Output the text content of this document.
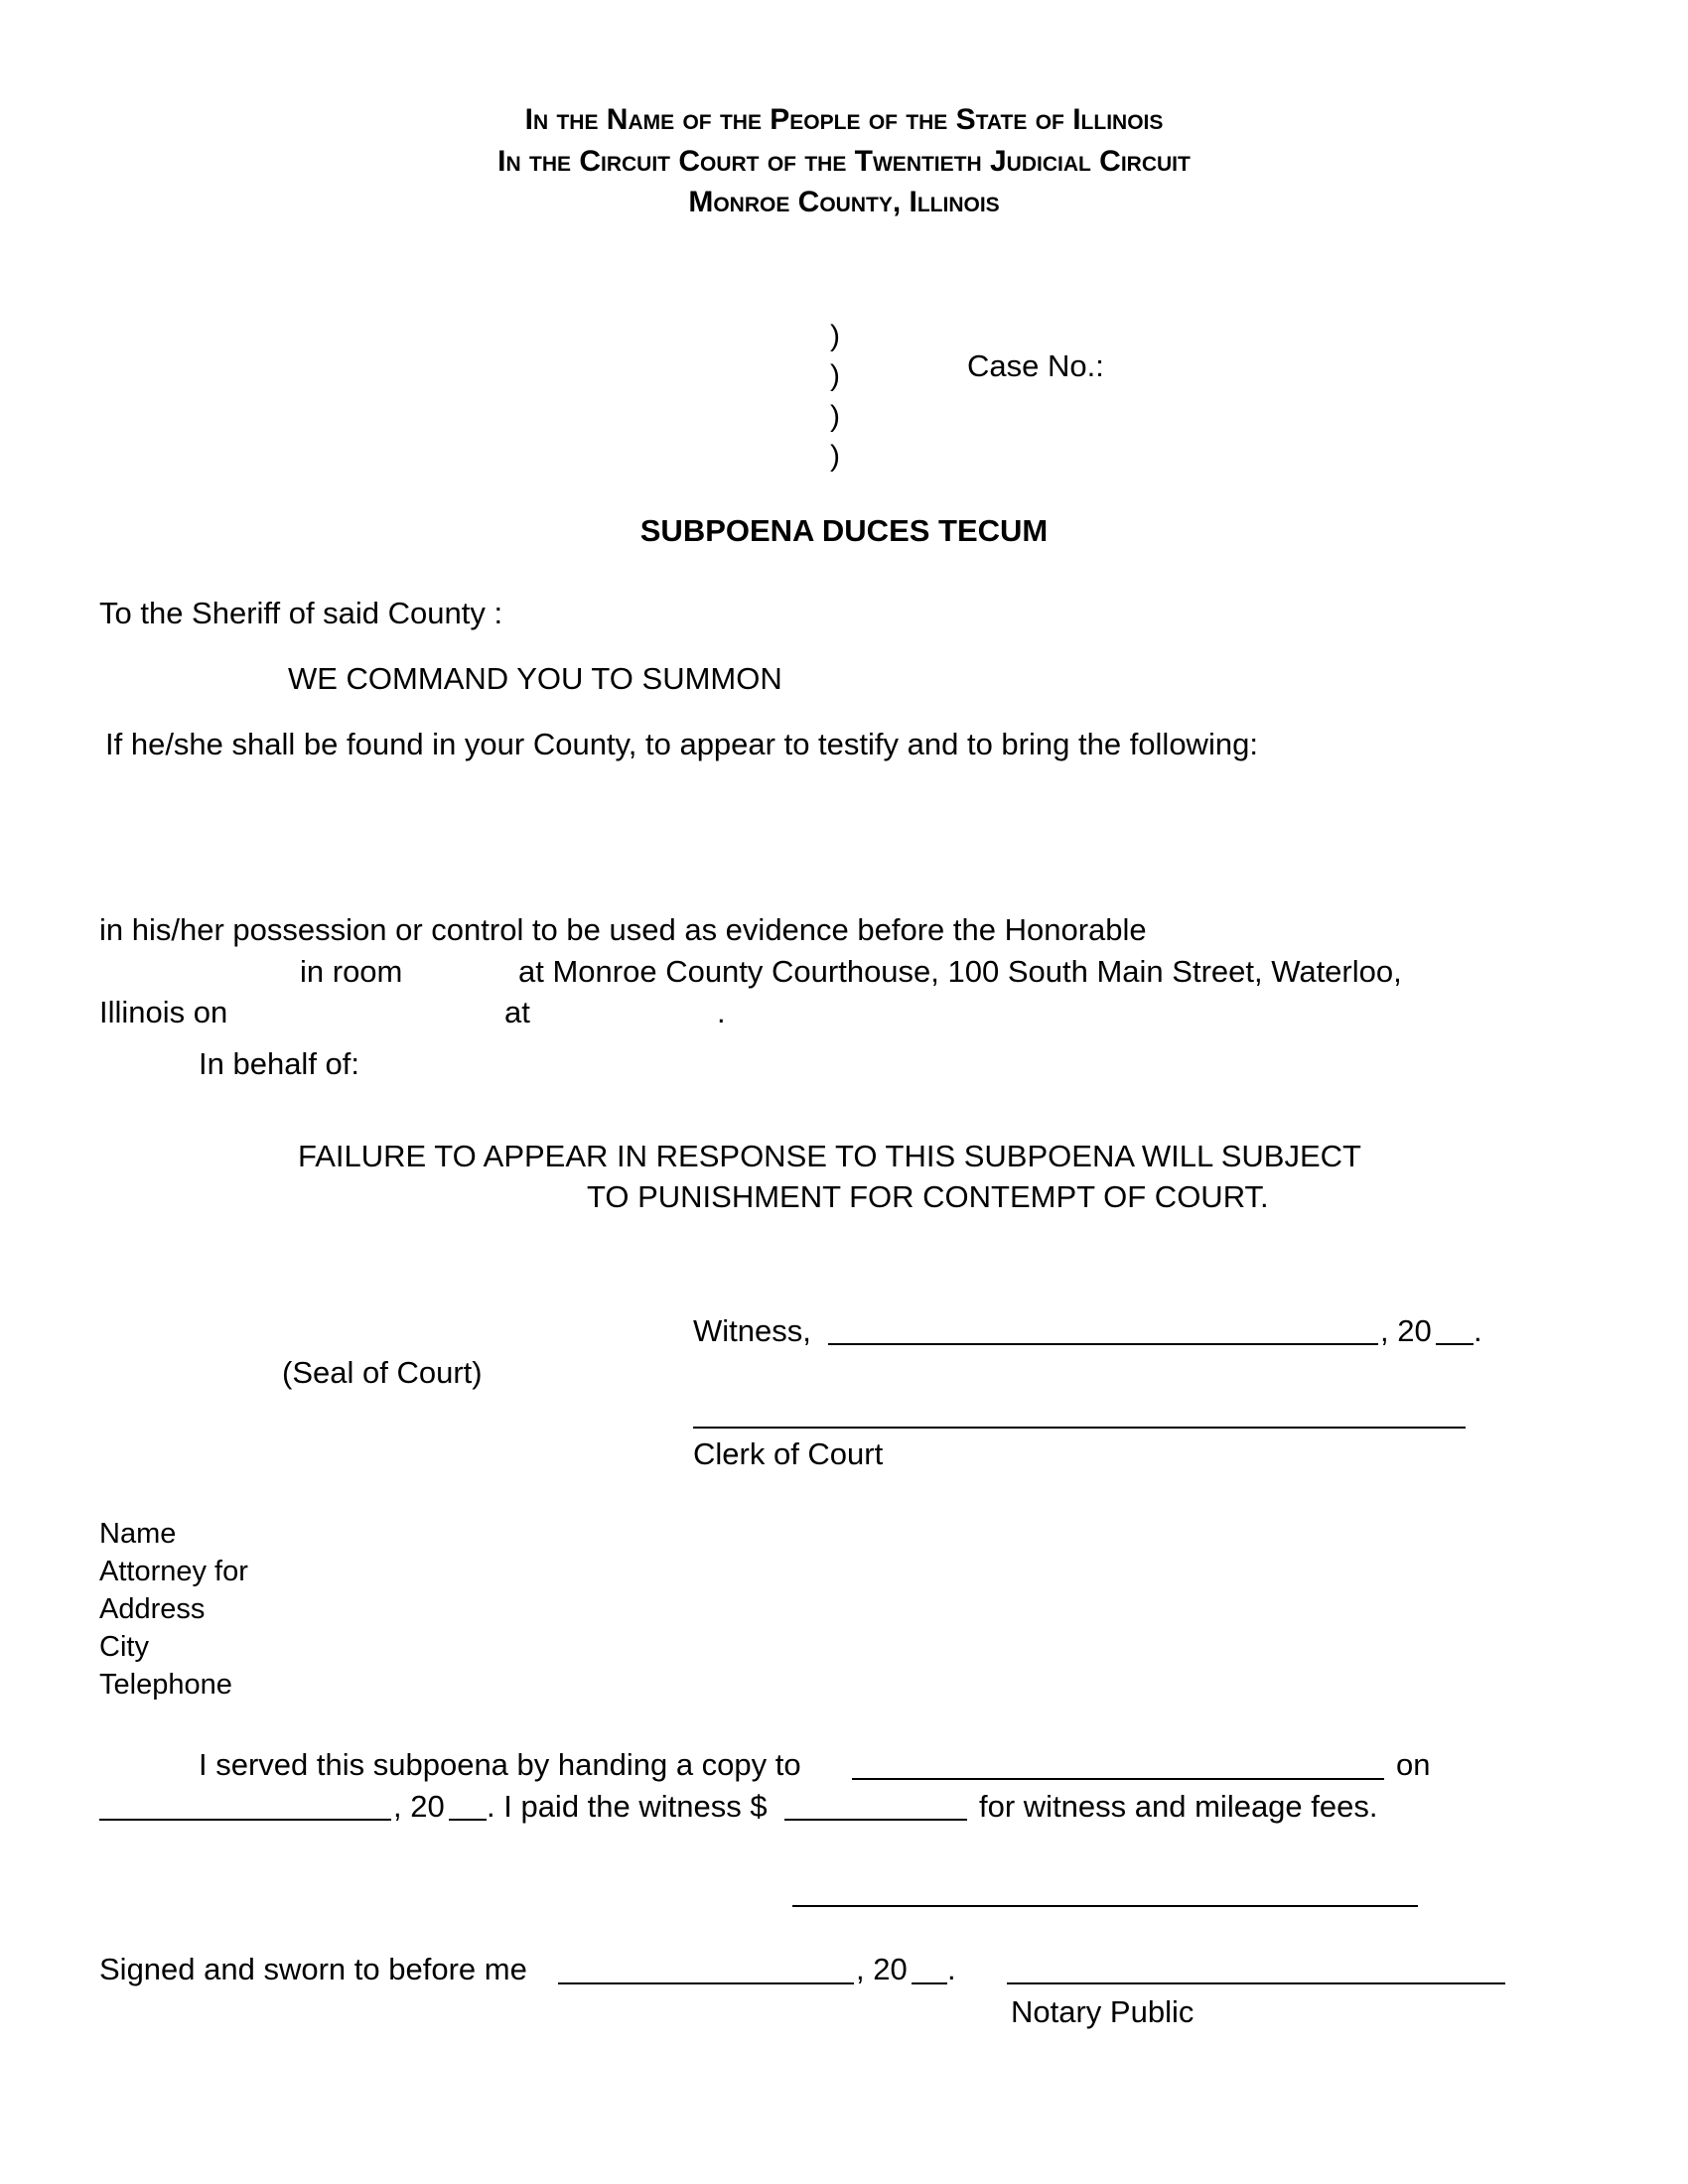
In the Name of the People of the State of Illinois
In the Circuit Court of the Twentieth Judicial Circuit
Monroe County, Illinois
)
)
)
)
Case No.:
SUBPOENA DUCES TECUM
To the Sheriff of said County :
WE COMMAND YOU TO SUMMON
If he/she shall be found in your County, to appear to testify and to bring the following:
in his/her possession or control to be used as evidence before the Honorable
in room	at Monroe County Courthouse, 100 South Main Street, Waterloo,
Illinois on	at	.
In behalf of:
FAILURE TO APPEAR IN RESPONSE TO THIS SUBPOENA WILL SUBJECT
TO PUNISHMENT FOR CONTEMPT OF COURT.
Witness,	, 20 .
(Seal of Court)
Clerk of Court
Name
Attorney for
Address
City
Telephone
I served this subpoena by handing a copy to	on
, 20 . I paid the witness $	for witness and mileage fees.
Signed and sworn to before me	, 20 .
Notary Public
